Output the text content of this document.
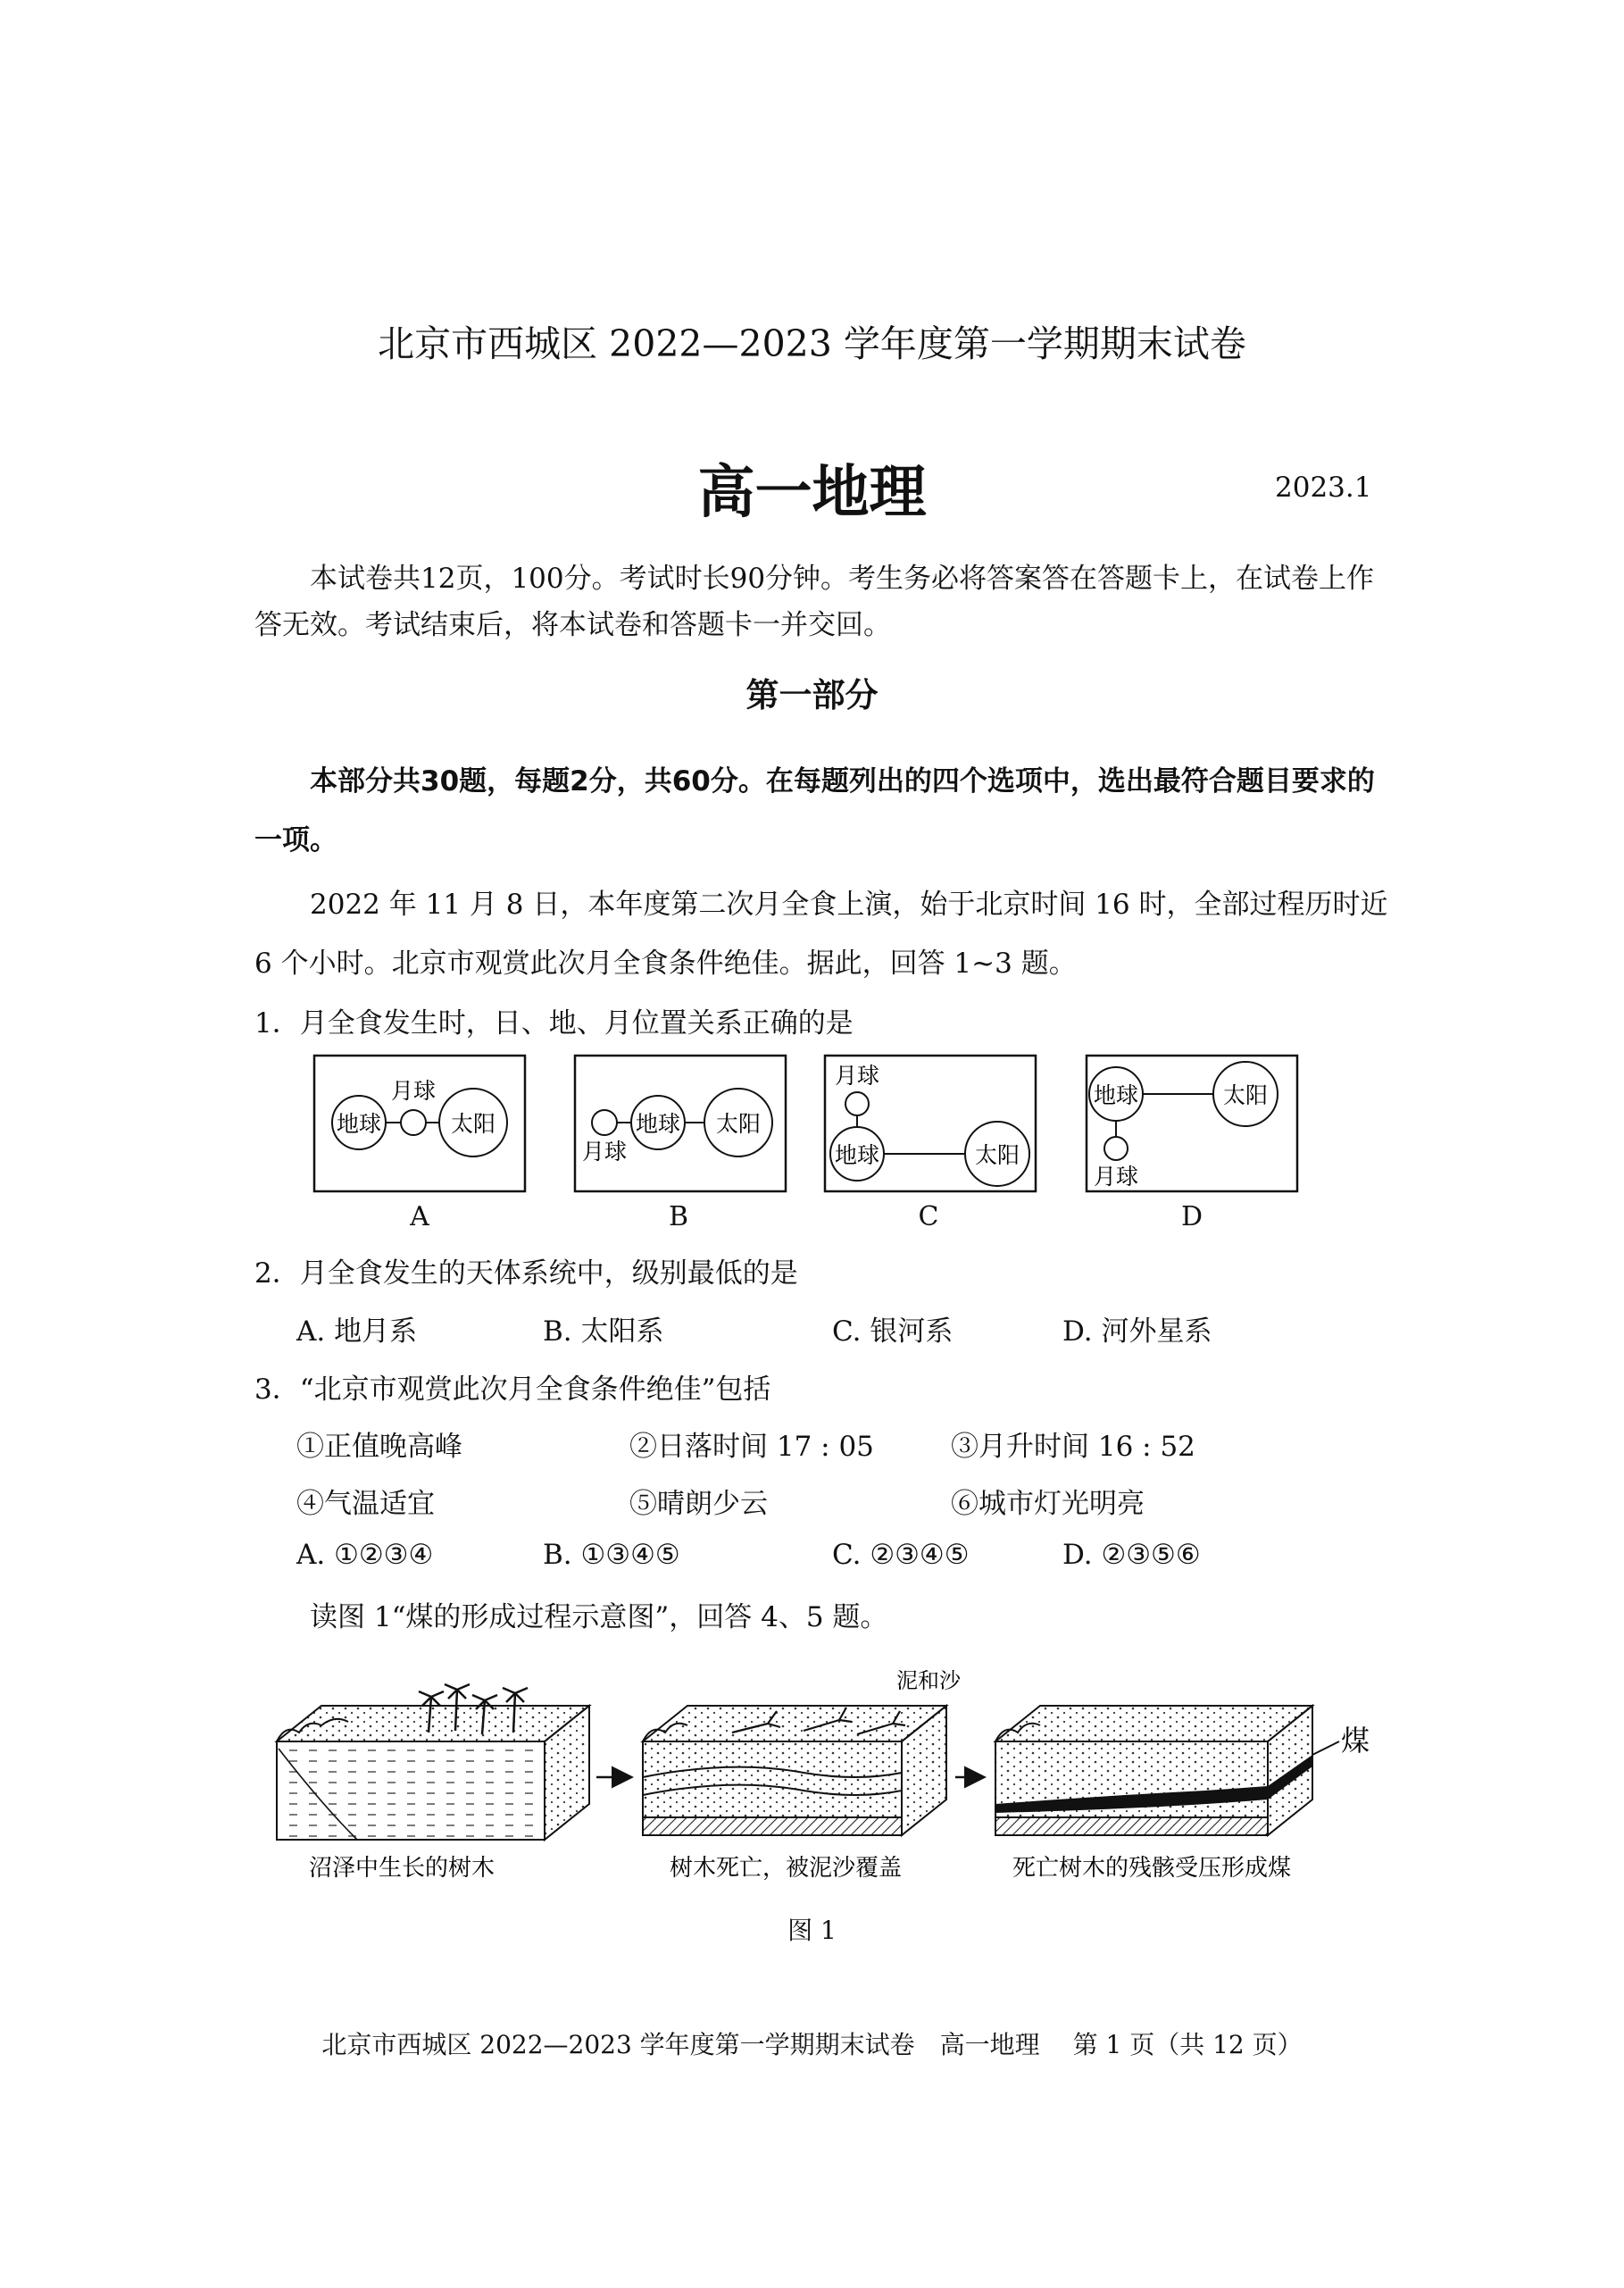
北京市西城区 2022—2023 学年度第一学期期末试卷
高一地理	2023.1
本试卷共12页，100分。考试时长90分钟。考生务必将答案答在答题卡上，在试卷上作答无效。考试结束后，将本试卷和答题卡一并交回。
第一部分
本部分共30题，每题2分，共60分。在每题列出的四个选项中，选出最符合题目要求的一项。
2022 年 11 月 8 日，本年度第二次月全食上演，始于北京时间 16 时，全部过程历时近 6 个小时。北京市观赏此次月全食条件绝佳。据此，回答 1~3 题。
1．月全食发生时，日、地、月位置关系正确的是
地球
月球
太阳
A
月球
地球 太阳
B
月球
地球	太阳
C
地球	太阳
月球
D
2．月全食发生的天体系统中，级别最低的是
A. 地月系	B. 太阳系	C. 银河系	D. 河外星系
3．“北京市观赏此次月全食条件绝佳”包括
①正值晚高峰	②日落时间 17 : 05	③月升时间 16 : 52
④气温适宜	⑤晴朗少云	⑥城市灯光明亮
A. ①②③④	B. ①③④⑤	C. ②③④⑤	D. ②③⑤⑥
读图 1“煤的形成过程示意图”，回答 4、5 题。
泥和沙
煤
沼泽中生长的树木	树木死亡，被泥沙覆盖	死亡树木的残骸受压形成煤
图 1
北京市西城区 2022—2023 学年度第一学期期末试卷　高一地理　 第 1 页（共 12 页）
